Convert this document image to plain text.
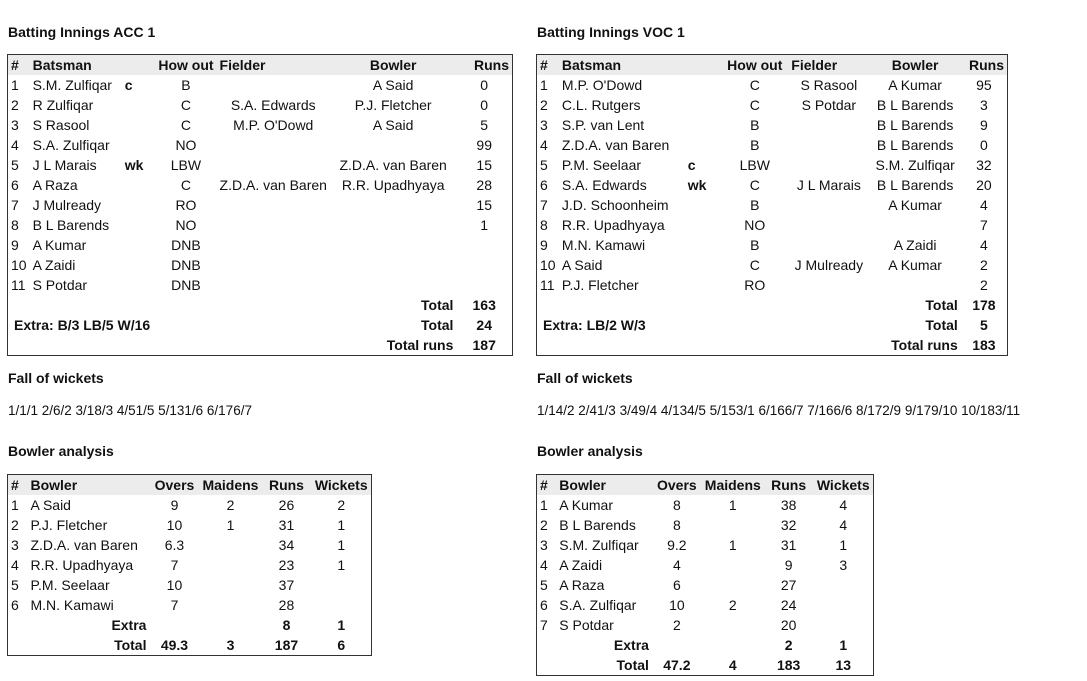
Batting Innings ACC 1
#	Batsman		How out	Fielder	Bowler	Runs
1	S.M. Zulfiqar	c	B		A Said	0
2	R Zulfiqar		C	S.A. Edwards	P.J. Fletcher	0
3	S Rasool		C	M.P. O'Dowd	A Said	5
4	S.A. Zulfiqar		NO			99
5	J L Marais	wk	LBW		Z.D.A. van Baren	15
6	A Raza		C	Z.D.A. van Baren	R.R. Upadhyaya	28
7	J Mulready		RO			15
8	B L Barends		NO			1
9	A Kumar		DNB			
10	A Zaidi		DNB			
11	S Potdar		DNB			
Total						163
Extra: B/3 LB/5 W/16				Total		24
Total runs						187
Fall of wickets
1/1/1 2/6/2 3/18/3 4/51/5 5/131/6 6/176/7
Bowler analysis
#	Bowler	Overs	Maidens	Runs	Wickets
1	A Said	9	2	26	2
2	P.J. Fletcher	10	1	31	1
3	Z.D.A. van Baren	6.3		34	1
4	R.R. Upadhyaya	7		23	1
5	P.M. Seelaar	10		37	
6	M.N. Kamawi	7		28	
Extra				8	1
Total		49.3	3	187	6
Batting Innings VOC 1
#	Batsman		How out	Fielder	Bowler	Runs
1	M.P. O'Dowd		C	S Rasool	A Kumar	95
2	C.L. Rutgers		C	S Potdar	B L Barends	3
3	S.P. van Lent		B		B L Barends	9
4	Z.D.A. van Baren		B		B L Barends	0
5	P.M. Seelaar	c	LBW		S.M. Zulfiqar	32
6	S.A. Edwards	wk	C	J L Marais	B L Barends	20
7	J.D. Schoonheim		B		A Kumar	4
8	R.R. Upadhyaya		NO			7
9	M.N. Kamawi		B		A Zaidi	4
10	A Said		C	J Mulready	A Kumar	2
11	P.J. Fletcher		RO			2
Total						178
Extra: LB/2 W/3				Total		5
Total runs						183
Fall of wickets
1/14/2 2/41/3 3/49/4 4/134/5 5/153/1 6/166/7 7/166/6 8/172/9 9/179/10 10/183/11
Bowler analysis
#	Bowler	Overs	Maidens	Runs	Wickets
1	A Kumar	8	1	38	4
2	B L Barends	8		32	4
3	S.M. Zulfiqar	9.2	1	31	1
4	A Zaidi	4		9	3
5	A Raza	6		27	
6	S.A. Zulfiqar	10	2	24	
7	S Potdar	2		20	
Extra				2	1
Total		47.2	4	183	13
